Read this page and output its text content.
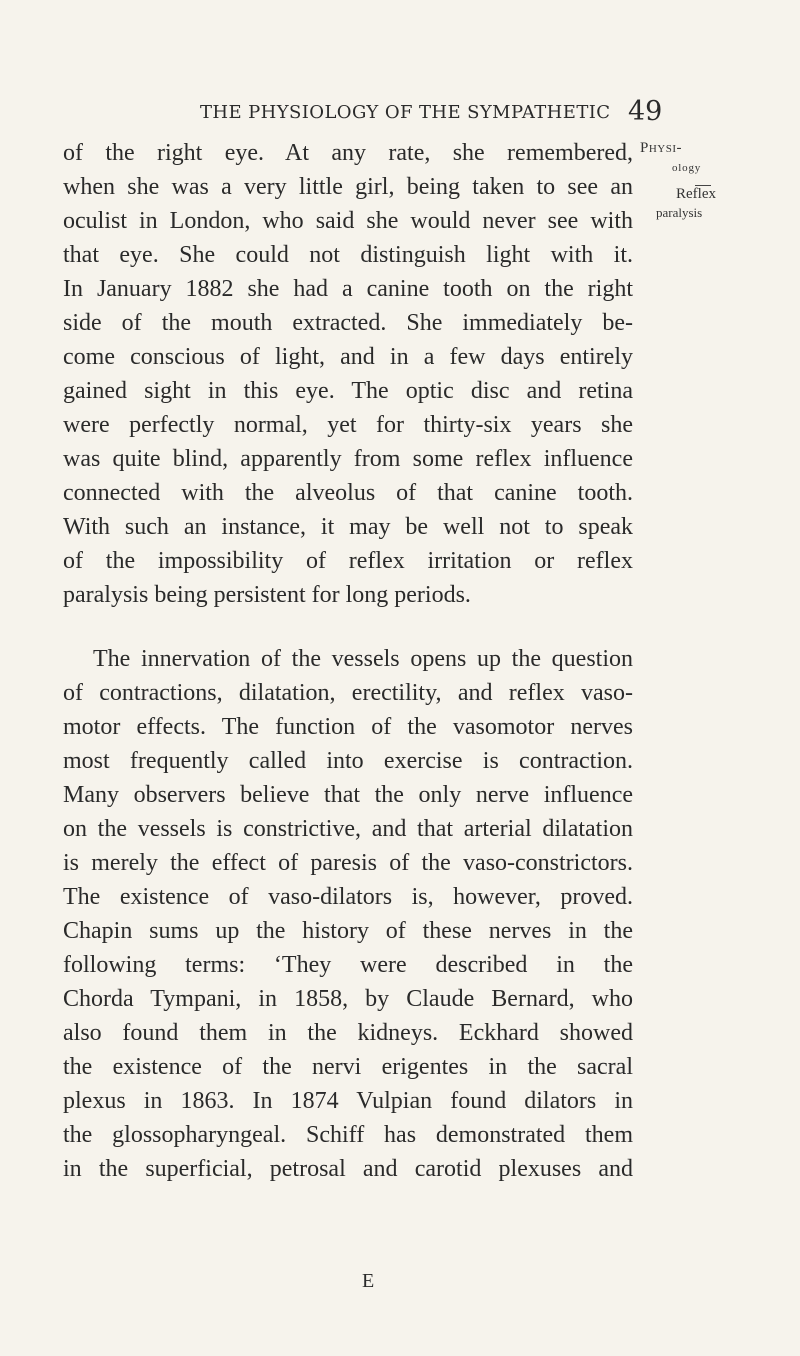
THE PHYSIOLOGY OF THE SYMPATHETIC 49
Physi-
ology
Reflex
paralysis
of the right eye. At any rate, she remembered,
when she was a very little girl, being taken to see an
oculist in London, who said she would never see with
that eye. She could not distinguish light with it.
In January 1882 she had a canine tooth on the right
side of the mouth extracted. She immediately be-
come conscious of light, and in a few days entirely
gained sight in this eye. The optic disc and retina
were perfectly normal, yet for thirty-six years she
was quite blind, apparently from some reflex influence
connected with the alveolus of that canine tooth.
With such an instance, it may be well not to speak
of the impossibility of reflex irritation or reflex
paralysis being persistent for long periods.
The innervation of the vessels opens up the question
of contractions, dilatation, erectility, and reflex vaso-
motor effects. The function of the vasomotor nerves
most frequently called into exercise is contraction.
Many observers believe that the only nerve influence
on the vessels is constrictive, and that arterial dilatation
is merely the effect of paresis of the vaso-constrictors.
The existence of vaso-dilators is, however, proved.
Chapin sums up the history of these nerves in the
following terms: ‘They were described in the
Chorda Tympani, in 1858, by Claude Bernard, who
also found them in the kidneys. Eckhard showed
the existence of the nervi erigentes in the sacral
plexus in 1863. In 1874 Vulpian found dilators in
the glossopharyngeal. Schiff has demonstrated them
in the superficial, petrosal and carotid plexuses and
E
